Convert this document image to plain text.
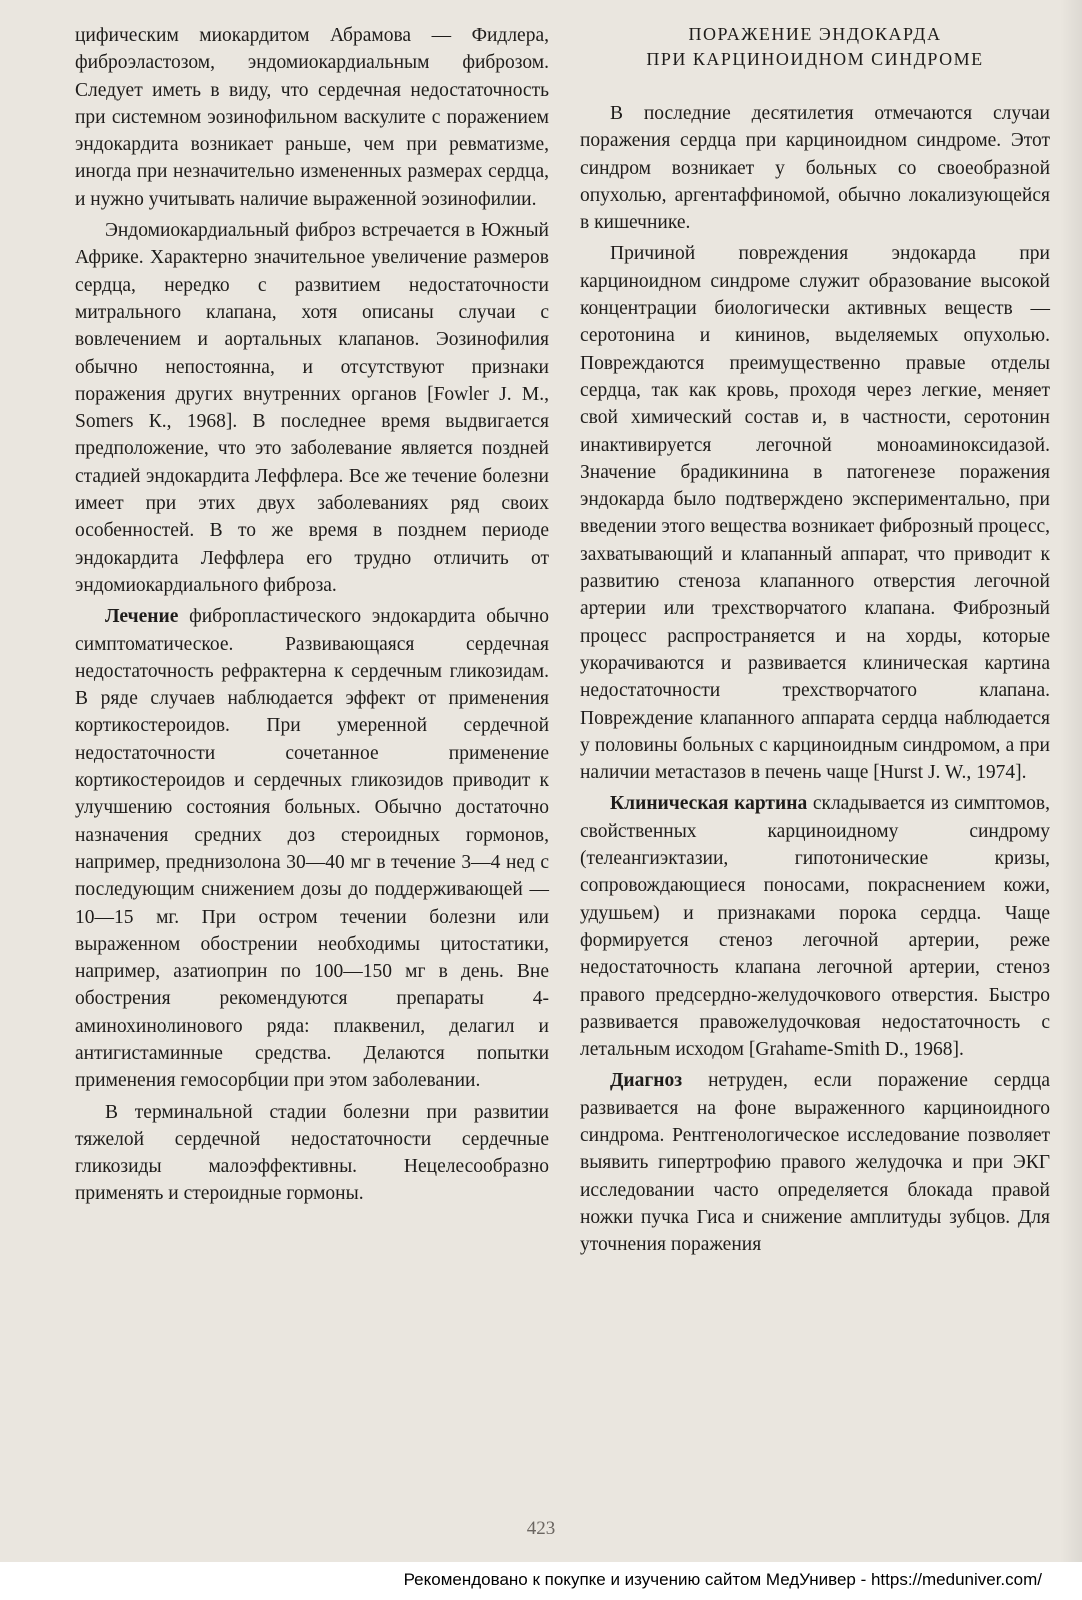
цифическим миокардитом Абрамова — Фидлера, фиброэластозом, эндомиокардиальным фиброзом. Следует иметь в виду, что сердечная недостаточность при системном эозинофильном васкулите с поражением эндокардита возникает раньше, чем при ревматизме, иногда при незначительно измененных размерах сердца, и нужно учитывать наличие выраженной эозинофилии.

Эндомиокардиальный фиброз встречается в Южный Африке. Характерно значительное увеличение размеров сердца, нередко с развитием недостаточности митрального клапана, хотя описаны случаи с вовлечением и аортальных клапанов. Эозинофилия обычно непостоянна, и отсутствуют признаки поражения других внутренних органов [Fowler J. M., Somers К., 1968]. В последнее время выдвигается предположение, что это заболевание является поздней стадией эндокардита Леффлера. Все же течение болезни имеет при этих двух заболеваниях ряд своих особенностей. В то же время в позднем периоде эндокардита Леффлера его трудно отличить от эндомиокардиального фиброза.

Лечение фибропластического эндокардита обычно симптоматическое. Развивающаяся сердечная недостаточность рефрактерна к сердечным гликозидам. В ряде случаев наблюдается эффект от применения кортикостероидов. При умеренной сердечной недостаточности сочетанное применение кортикостероидов и сердечных гликозидов приводит к улучшению состояния больных. Обычно достаточно назначения средних доз стероидных гормонов, например, преднизолона 30—40 мг в течение 3—4 нед с последующим снижением дозы до поддерживающей — 10—15 мг. При остром течении болезни или выраженном обострении необходимы цитостатики, например, азатиоприн по 100—150 мг в день. Вне обострения рекомендуются препараты 4-аминохинолинового ряда: плаквенил, делагил и антигистаминные средства. Делаются попытки применения гемосорбции при этом заболевании.

В терминальной стадии болезни при развитии тяжелой сердечной недостаточности сердечные гликозиды малоэффективны. Нецелесообразно применять и стероидные гормоны.

ПОРАЖЕНИЕ ЭНДОКАРДА
ПРИ КАРЦИНОИДНОМ СИНДРОМЕ

В последние десятилетия отмечаются случаи поражения сердца при карциноидном синдроме. Этот синдром возникает у больных со своеобразной опухолью, аргентаффиномой, обычно локализующейся в кишечнике.

Причиной повреждения эндокарда при карциноидном синдроме служит образование высокой концентрации биологически активных веществ — серотонина и кининов, выделяемых опухолью. Повреждаются преимущественно правые отделы сердца, так как кровь, проходя через легкие, меняет свой химический состав и, в частности, серотонин инактивируется легочной моноаминоксидазой. Значение брадикинина в патогенезе поражения эндокарда было подтверждено экспериментально, при введении этого вещества возникает фиброзный процесс, захватывающий и клапанный аппарат, что приводит к развитию стеноза клапанного отверстия легочной артерии или трехстворчатого клапана. Фиброзный процесс распространяется и на хорды, которые укорачиваются и развивается клиническая картина недостаточности трехстворчатого клапана. Повреждение клапанного аппарата сердца наблюдается у половины больных с карциноидным синдромом, а при наличии метастазов в печень чаще [Hurst J. W., 1974].

Клиническая картина складывается из симптомов, свойственных карциноидному синдрому (телеангиэктазии, гипотонические кризы, сопровождающиеся поносами, покраснением кожи, удушьем) и признаками порока сердца. Чаще формируется стеноз легочной артерии, реже недостаточность клапана легочной артерии, стеноз правого предсердно-желудочкового отверстия. Быстро развивается правожелудочковая недостаточность с летальным исходом [Grahame-Smith D., 1968].

Диагноз нетруден, если поражение сердца развивается на фоне выраженного карциноидного синдрома. Рентгенологическое исследование позволяет выявить гипертрофию правого желудочка и при ЭКГ исследовании часто определяется блокада правой ножки пучка Гиса и снижение амплитуды зубцов. Для уточнения поражения

423
Рекомендовано к покупке и изучению сайтом МедУнивер - https://meduniver.com/
